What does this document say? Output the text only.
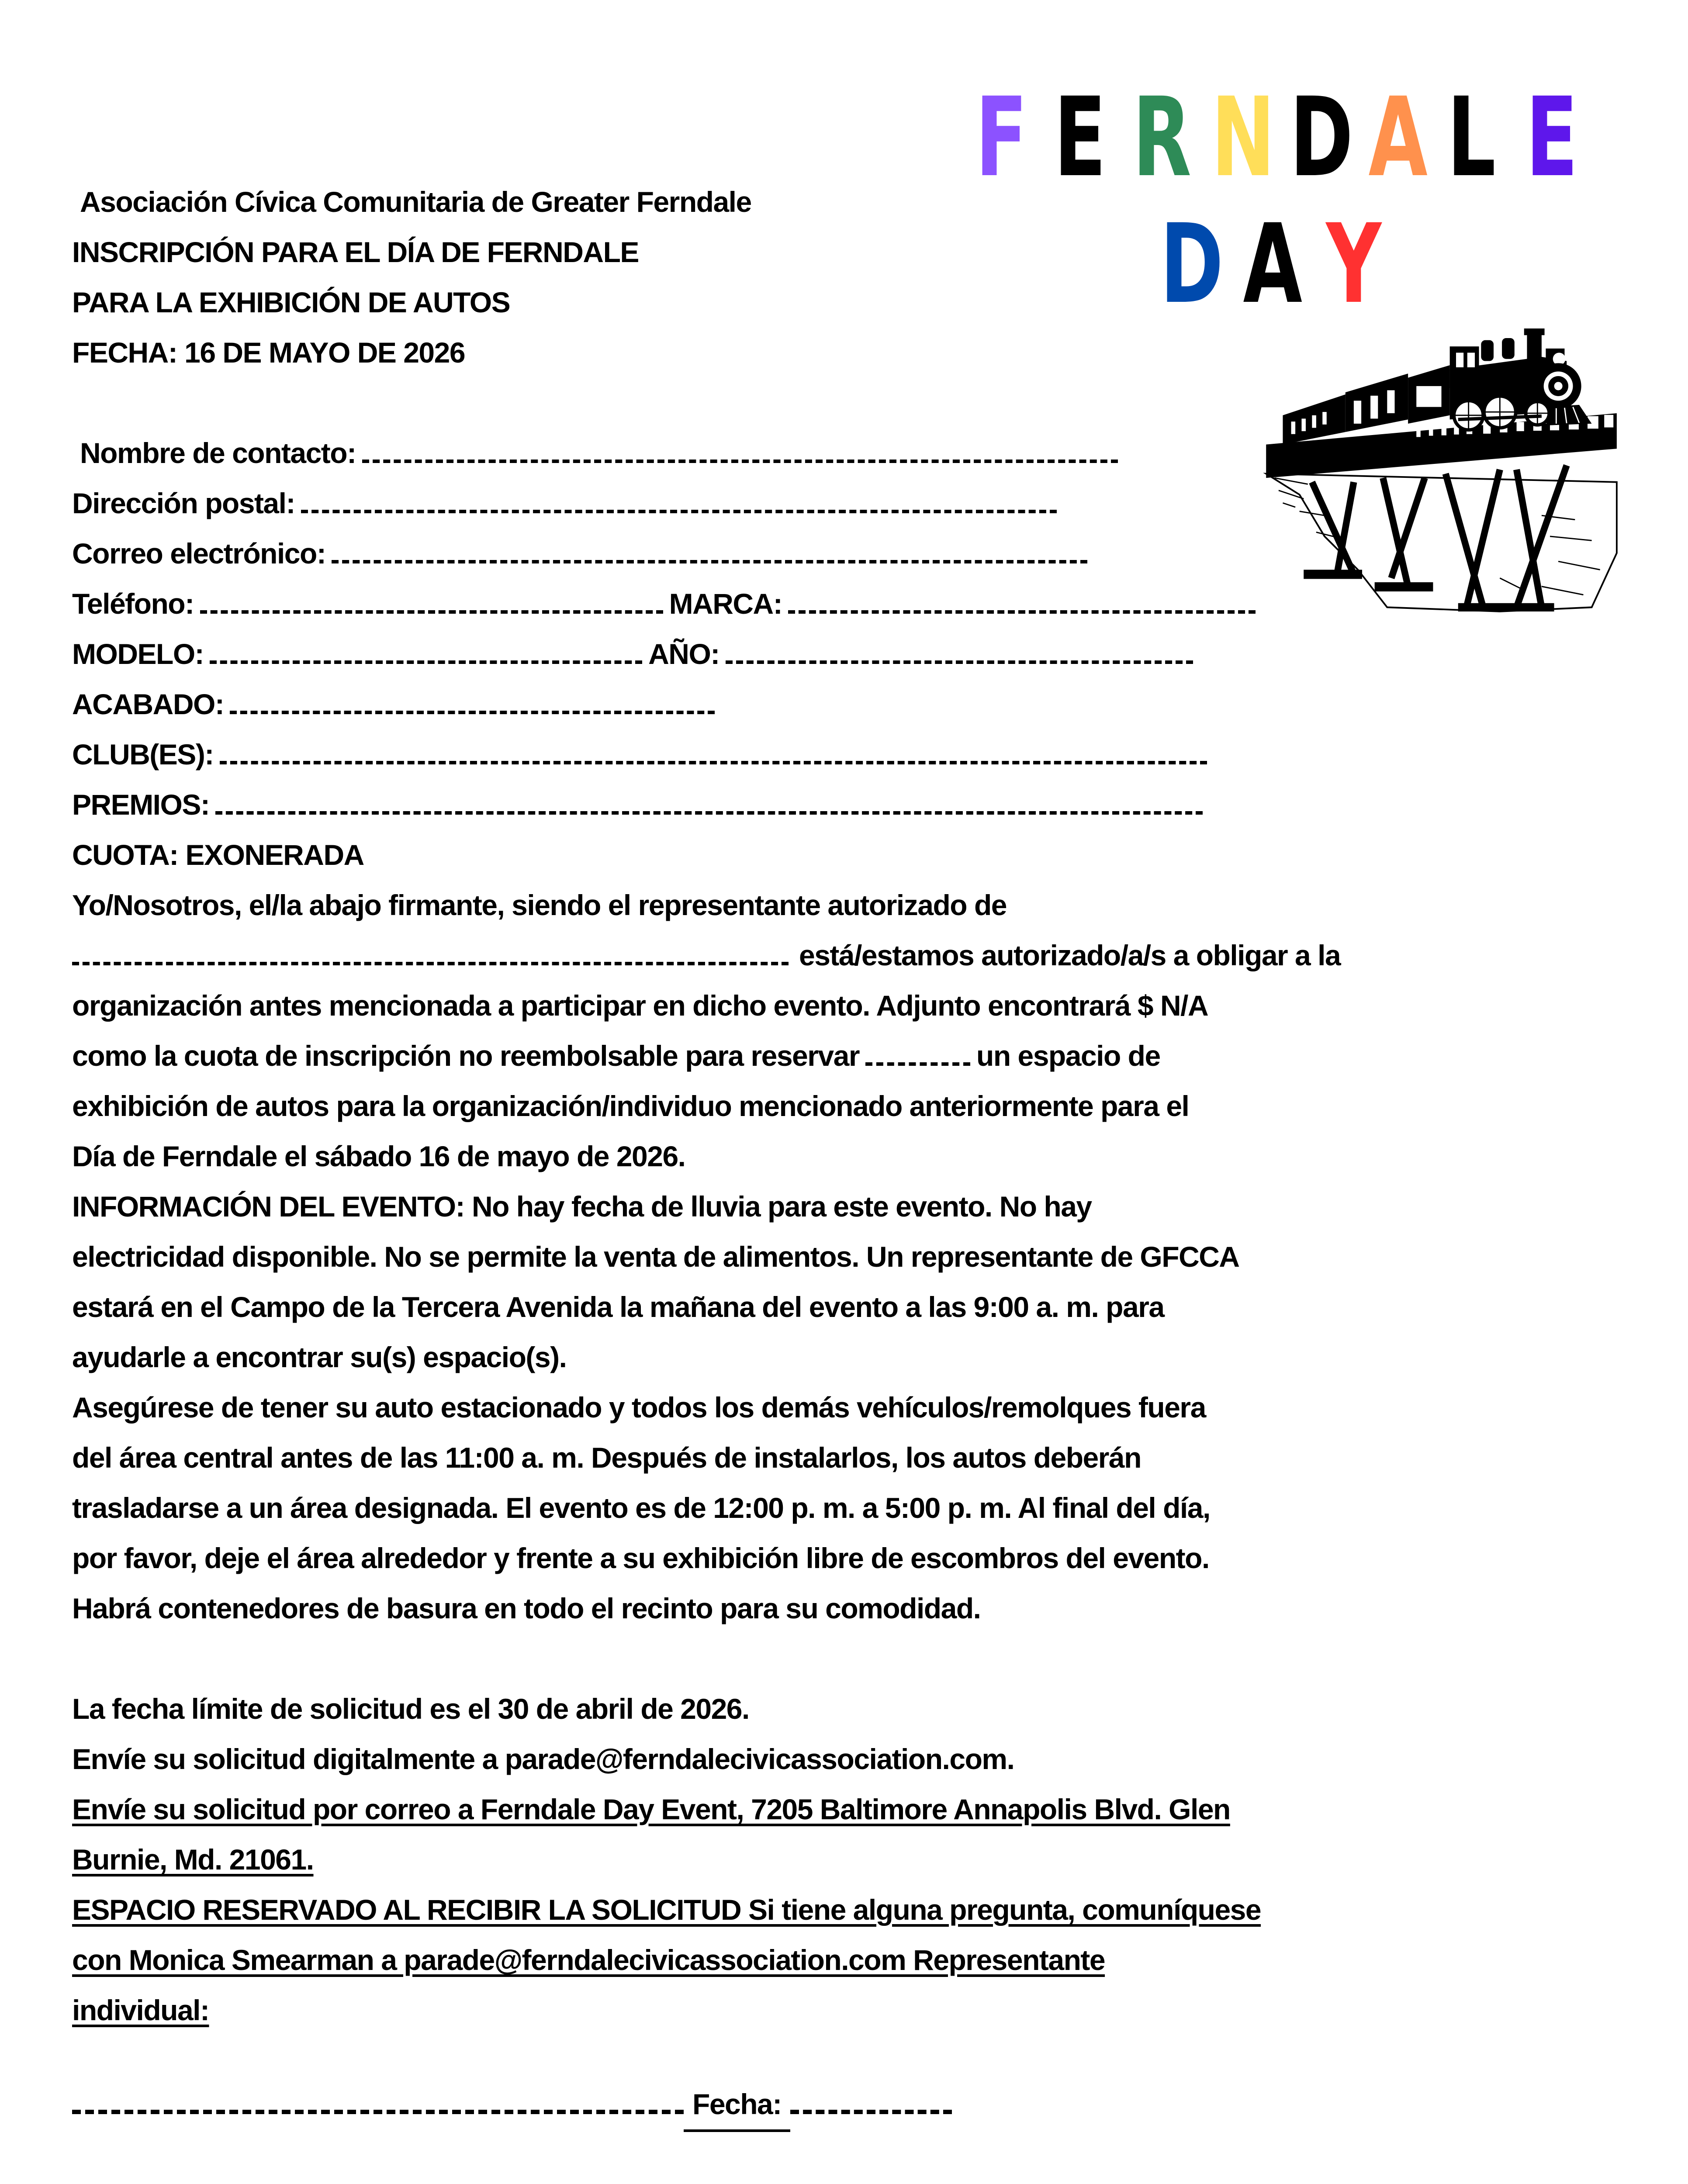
F E R N D A L E
D A Y
Asociación Cívica Comunitaria de Greater Ferndale
INSCRIPCIÓN PARA EL DÍA DE FERNDALE
PARA LA EXHIBICIÓN DE AUTOS
FECHA: 16 DE MAYO DE 2026
Nombre de contacto:
Dirección postal:
Correo electrónico:
Teléfono:	MARCA:
MODELO:	AÑO:
ACABADO:
CLUB(ES):
PREMIOS:
CUOTA: EXONERADA
Yo/Nosotros, el/la abajo firmante, siendo el representante autorizado de
está/estamos autorizado/a/s a obligar a la
organización antes mencionada a participar en dicho evento. Adjunto encontrará $ N/A
como la cuota de inscripción no reembolsable para reservar	un espacio de
exhibición de autos para la organización/individuo mencionado anteriormente para el
Día de Ferndale el sábado 16 de mayo de 2026.
INFORMACIÓN DEL EVENTO: No hay fecha de lluvia para este evento. No hay
electricidad disponible. No se permite la venta de alimentos. Un representante de GFCCA
estará en el Campo de la Tercera Avenida la mañana del evento a las 9:00 a. m. para
ayudarle a encontrar su(s) espacio(s).
Asegúrese de tener su auto estacionado y todos los demás vehículos/remolques fuera
del área central antes de las 11:00 a. m. Después de instalarlos, los autos deberán
trasladarse a un área designada. El evento es de 12:00 p. m. a 5:00 p. m. Al final del día,
por favor, deje el área alrededor y frente a su exhibición libre de escombros del evento.
Habrá contenedores de basura en todo el recinto para su comodidad.
La fecha límite de solicitud es el 30 de abril de 2026.
Envíe su solicitud digitalmente a parade@ferndalecivicassociation.com.
Envíe su solicitud por correo a Ferndale Day Event, 7205 Baltimore Annapolis Blvd. Glen
Burnie, Md. 21061.
ESPACIO RESERVADO AL RECIBIR LA SOLICITUD Si tiene alguna pregunta, comuníquese
con Monica Smearman a parade@ferndalecivicassociation.com Representante
individual:
Fecha:
